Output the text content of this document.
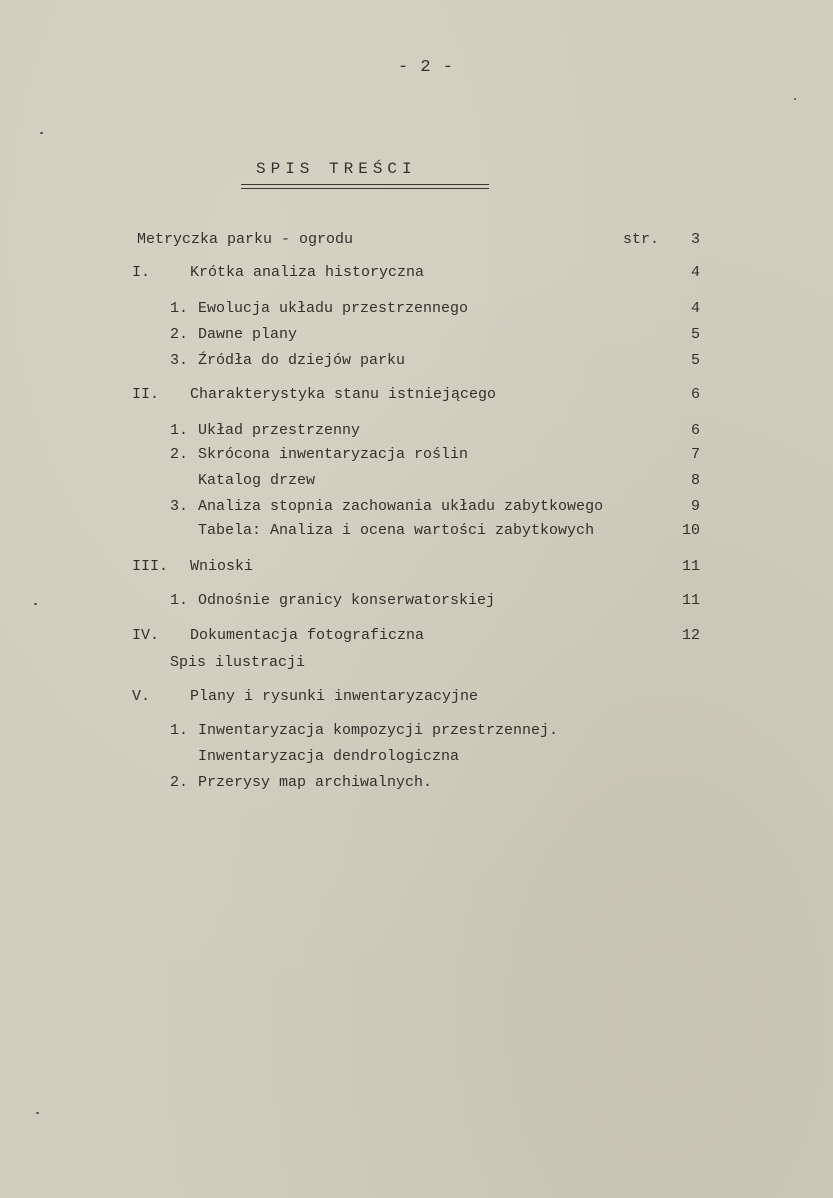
- 2 -
SPIS TREŚCI
Metryczka parku - ogrodu	str.	3
I.	Krótka analiza historyczna	4
1. Ewolucja układu przestrzennego	4
2. Dawne plany	5
3. Źródła do dziejów parku	5
II.	Charakterystyka stanu istniejącego	6
1. Układ przestrzenny	6
2. Skrócona inwentaryzacja roślin	7
Katalog drzew	8
3. Analiza stopnia zachowania układu zabytkowego	9
Tabela: Analiza i ocena wartości zabytkowych	10
III. Wnioski	11
1. Odnośnie granicy konserwatorskiej	11
IV.	Dokumentacja fotograficzna	12
Spis ilustracji
V.	Plany i rysunki inwentaryzacyjne
1. Inwentaryzacja kompozycji przestrzennej.
Inwentaryzacja dendrologiczna
2. Przerysy map archiwalnych.
